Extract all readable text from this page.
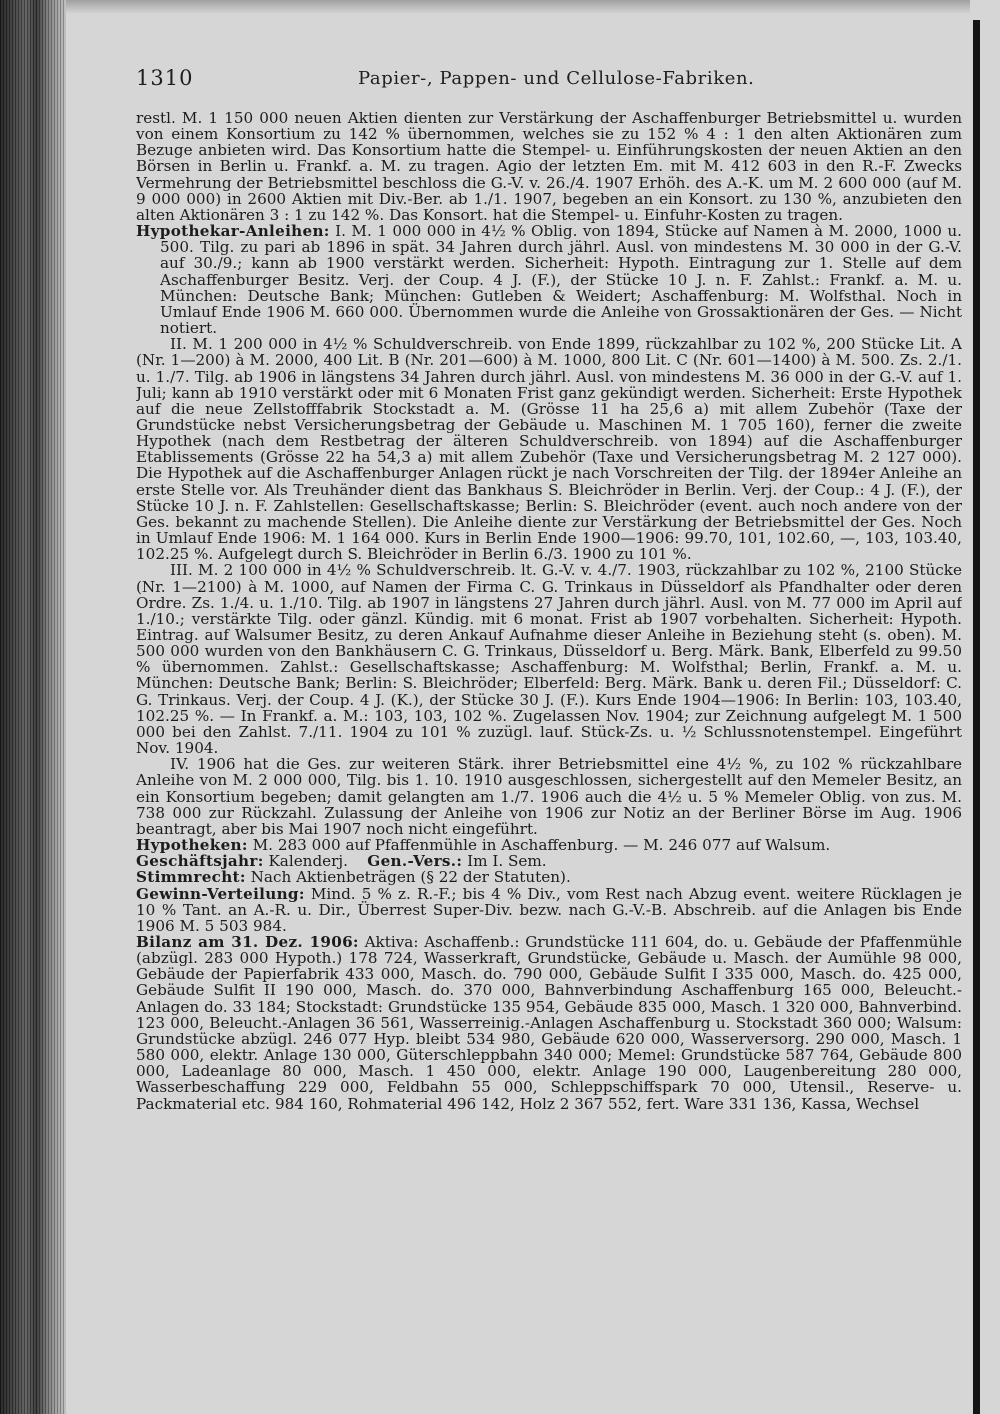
1310	Papier-, Pappen- und Cellulose-Fabriken.

restl. M. 1 150 000 neuen Aktien dienten zur Verstärkung der Aschaffenburger Betriebsmittel u. wurden von einem Konsortium zu 142 % übernommen, welches sie zu 152 % 4 : 1 den alten Aktionären zum Bezuge anbieten wird. Das Konsortium hatte die Stempel- u. Einführungskosten der neuen Aktien an den Börsen in Berlin u. Frankf. a. M. zu tragen. Agio der letzten Em. mit M. 412 603 in den R.-F. Zwecks Vermehrung der Betriebsmittel beschloss die G.-V. v. 26./4. 1907 Erhöh. des A.-K. um M. 2 600 000 (auf M. 9 000 000) in 2600 Aktien mit Div.-Ber. ab 1./1. 1907, begeben an ein Konsort. zu 130 %, anzubieten den alten Aktionären 3 : 1 zu 142 %. Das Konsort. hat die Stempel- u. Einfuhr-Kosten zu tragen.

Hypothekar-Anleihen: I. M. 1 000 000 in 4½ % Oblig. von 1894, Stücke auf Namen à M. 2000, 1000 u. 500. Tilg. zu pari ab 1896 in spät. 34 Jahren durch jährl. Ausl. von mindestens M. 30 000 in der G.-V. auf 30./9.; kann ab 1900 verstärkt werden. Sicherheit: Hypoth. Eintragung zur 1. Stelle auf dem Aschaffenburger Besitz. Verj. der Coup. 4 J. (F.), der Stücke 10 J. n. F. Zahlst.: Frankf. a. M. u. München: Deutsche Bank; München: Gutleben & Weidert; Aschaffenburg: M. Wolfsthal. Noch in Umlauf Ende 1906 M. 660 000. Übernommen wurde die Anleihe von Grossaktionären der Ges. — Nicht notiert.

II. M. 1 200 000 in 4½ % Schuldverschreib. von Ende 1899, rückzahlbar zu 102 %, 200 Stücke Lit. A (Nr. 1—200) à M. 2000, 400 Lit. B (Nr. 201—600) à M. 1000, 800 Lit. C (Nr. 601—1400) à M. 500. Zs. 2./1. u. 1./7. Tilg. ab 1906 in längstens 34 Jahren durch jährl. Ausl. von mindestens M. 36 000 in der G.-V. auf 1. Juli; kann ab 1910 verstärkt oder mit 6 Monaten Frist ganz gekündigt werden. Sicherheit: Erste Hypothek auf die neue Zellstofffabrik Stockstadt a. M. (Grösse 11 ha 25,6 a) mit allem Zubehör (Taxe der Grundstücke nebst Versicherungsbetrag der Gebäude u. Maschinen M. 1 705 160), ferner die zweite Hypothek (nach dem Restbetrag der älteren Schuldverschreib. von 1894) auf die Aschaffenburger Etablissements (Grösse 22 ha 54,3 a) mit allem Zubehör (Taxe und Versicherungsbetrag M. 2 127 000). Die Hypothek auf die Aschaffenburger Anlagen rückt je nach Vorschreiten der Tilg. der 1894er Anleihe an erste Stelle vor. Als Treuhänder dient das Bankhaus S. Bleichröder in Berlin. Verj. der Coup.: 4 J. (F.), der Stücke 10 J. n. F. Zahlstellen: Gesellschaftskasse; Berlin: S. Bleichröder (event. auch noch andere von der Ges. bekannt zu machende Stellen). Die Anleihe diente zur Verstärkung der Betriebsmittel der Ges. Noch in Umlauf Ende 1906: M. 1 164 000. Kurs in Berlin Ende 1900—1906: 99.70, 101, 102.60, —, 103, 103.40, 102.25 %. Aufgelegt durch S. Bleichröder in Berlin 6./3. 1900 zu 101 %.

III. M. 2 100 000 in 4½ % Schuldverschreib. lt. G.-V. v. 4./7. 1903, rückzahlbar zu 102 %, 2100 Stücke (Nr. 1—2100) à M. 1000, auf Namen der Firma C. G. Trinkaus in Düsseldorf als Pfandhalter oder deren Ordre. Zs. 1./4. u. 1./10. Tilg. ab 1907 in längstens 27 Jahren durch jährl. Ausl. von M. 77 000 im April auf 1./10.; verstärkte Tilg. oder gänzl. Kündig. mit 6 monat. Frist ab 1907 vorbehalten. Sicherheit: Hypoth. Eintrag. auf Walsumer Besitz, zu deren Ankauf Aufnahme dieser Anleihe in Beziehung steht (s. oben). M. 500 000 wurden von den Bankhäusern C. G. Trinkaus, Düsseldorf u. Berg. Märk. Bank, Elberfeld zu 99.50 % übernommen. Zahlst.: Gesellschaftskasse; Aschaffenburg: M. Wolfsthal; Berlin, Frankf. a. M. u. München: Deutsche Bank; Berlin: S. Bleichröder; Elberfeld: Berg. Märk. Bank u. deren Fil.; Düsseldorf: C. G. Trinkaus. Verj. der Coup. 4 J. (K.), der Stücke 30 J. (F.). Kurs Ende 1904—1906: In Berlin: 103, 103.40, 102.25 %. — In Frankf. a. M.: 103, 103, 102 %. Zugelassen Nov. 1904; zur Zeichnung aufgelegt M. 1 500 000 bei den Zahlst. 7./11. 1904 zu 101 % zuzügl. lauf. Stück-Zs. u. ½ Schlussnotenstempel. Eingeführt Nov. 1904.

IV. 1906 hat die Ges. zur weiteren Stärk. ihrer Betriebsmittel eine 4½ %, zu 102 % rückzahlbare Anleihe von M. 2 000 000, Tilg. bis 1. 10. 1910 ausgeschlossen, sichergestellt auf den Memeler Besitz, an ein Konsortium begeben; damit gelangten am 1./7. 1906 auch die 4½ u. 5 % Memeler Oblig. von zus. M. 738 000 zur Rückzahl. Zulassung der Anleihe von 1906 zur Notiz an der Berliner Börse im Aug. 1906 beantragt, aber bis Mai 1907 noch nicht eingeführt.

Hypotheken: M. 283 000 auf Pfaffenmühle in Aschaffenburg. — M. 246 077 auf Walsum.

Geschäftsjahr: Kalenderj. Gen.-Vers.: Im I. Sem.

Stimmrecht: Nach Aktienbeträgen (§ 22 der Statuten).

Gewinn-Verteilung: Mind. 5 % z. R.-F.; bis 4 % Div., vom Rest nach Abzug event. weitere Rücklagen je 10 % Tant. an A.-R. u. Dir., Überrest Super-Div. bezw. nach G.-V.-B. Abschreib. auf die Anlagen bis Ende 1906 M. 5 503 984.

Bilanz am 31. Dez. 1906: Aktiva: Aschaffenb.: Grundstücke 111 604, do. u. Gebäude der Pfaffenmühle (abzügl. 283 000 Hypoth.) 178 724, Wasserkraft, Grundstücke, Gebäude u. Masch. der Aumühle 98 000, Gebäude der Papierfabrik 433 000, Masch. do. 790 000, Gebäude Sulfit I 335 000, Masch. do. 425 000, Gebäude Sulfit II 190 000, Masch. do. 370 000, Bahnverbindung Aschaffenburg 165 000, Beleucht.-Anlagen do. 33 184; Stockstadt: Grundstücke 135 954, Gebäude 835 000, Masch. 1 320 000, Bahnverbind. 123 000, Beleucht.-Anlagen 36 561, Wasserreinig.-Anlagen Aschaffenburg u. Stockstadt 360 000; Walsum: Grundstücke abzügl. 246 077 Hyp. bleibt 534 980, Gebäude 620 000, Wasserversorg. 290 000, Masch. 1 580 000, elektr. Anlage 130 000, Güterschleppbahn 340 000; Memel: Grundstücke 587 764, Gebäude 800 000, Ladeanlage 80 000, Masch. 1 450 000, elektr. Anlage 190 000, Laugenbereitung 280 000, Wasserbeschaffung 229 000, Feldbahn 55 000, Schleppschiffspark 70 000, Utensil., Reserve- u. Packmaterial etc. 984 160, Rohmaterial 496 142, Holz 2 367 552, fert. Ware 331 136, Kassa, Wechsel
